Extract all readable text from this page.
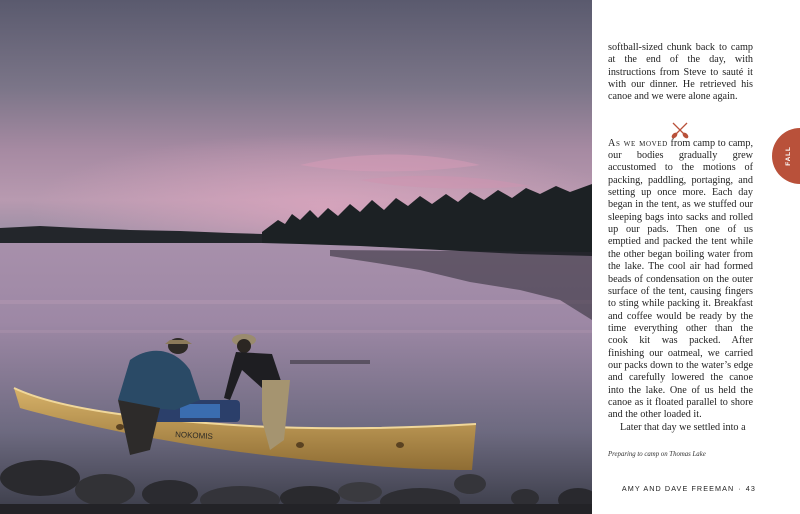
NOKOMIS

softball-sized chunk back to camp at the end of the day, with instructions from Steve to sauté it with our dinner. He retrieved his canoe and we were alone again.

As we moved from camp to camp, our bodies gradually grew accustomed to the motions of packing, paddling, portaging, and setting up once more. Each day began in the tent, as we stuffed our sleeping bags into sacks and rolled up our pads. Then one of us emptied and packed the tent while the other began boiling water from the lake. The cool air had formed beads of condensation on the outer surface of the tent, causing fingers to sting while packing it. Breakfast and coffee would be ready by the time everything other than the cook kit was packed. After finishing our oatmeal, we carried our packs down to the water’s edge and carefully lowered the canoe into the lake. One of us held the canoe as it floated parallel to shore and the other loaded it.

Later that day we settled into a

Preparing to camp on Thomas Lake
AMY AND DAVE FREEMAN · 43
FALL
